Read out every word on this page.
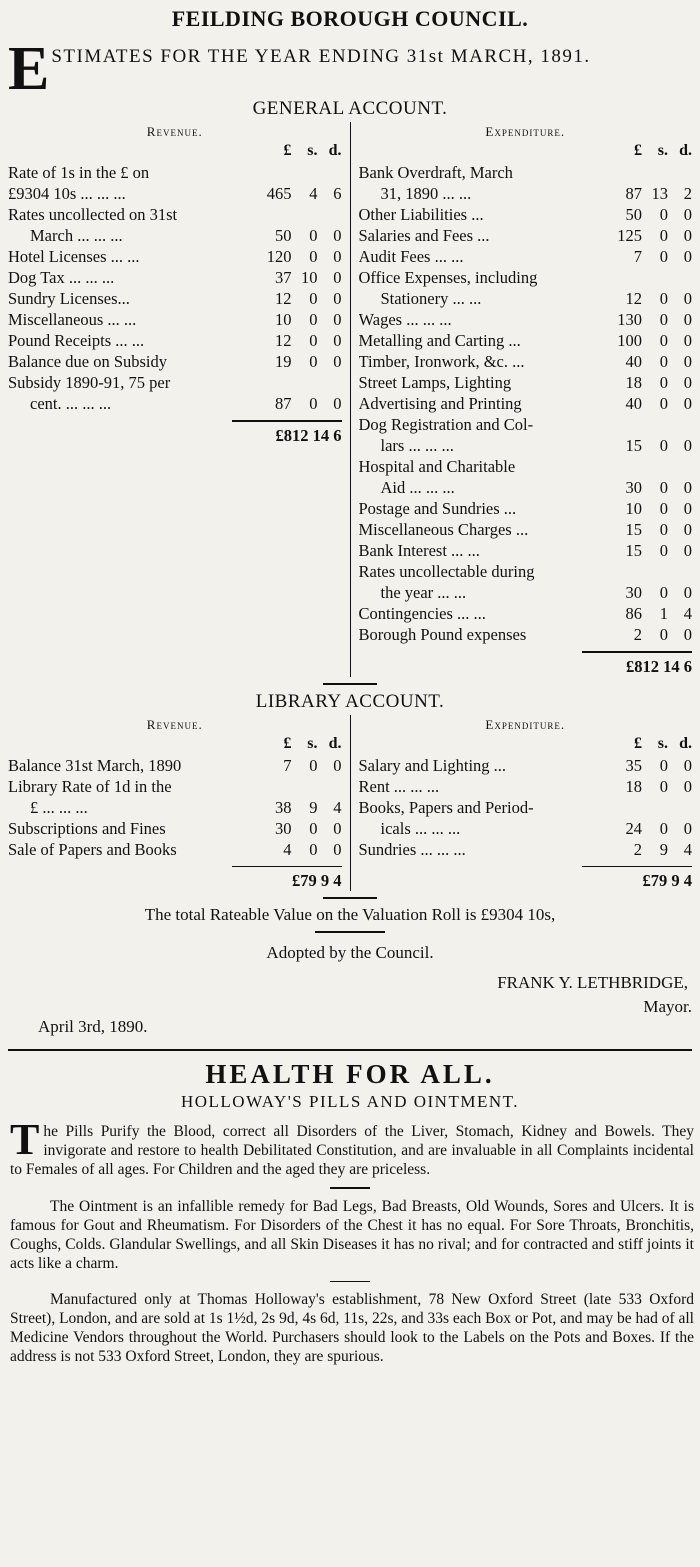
FEILDING BOROUGH COUNCIL.
E STIMATES FOR THE YEAR ENDING 31st MARCH, 1891.
GENERAL ACCOUNT.
Revenue.
£ s. d.
Rate of 1s in the £ on
£9304 10s ... ... ...	465	4 6
Rates uncollected on 31st
March ... ... ...	50	0 0
Hotel Licenses ... ...	120	0 0
Dog Tax ... ... ...	37 10 0
Sundry Licenses...	12	0 0
Miscellaneous ... ...	10	0 0
Pound Receipts ... ...	12	0 0
Balance due on Subsidy	19	0 0
Subsidy 1890-91, 75 per
cent. ... ... ...	87	0 0
£812 14 6
Expenditure.
£ s. d.
Bank Overdraft, March
31, 1890 ... ...	87 13 2
Other Liabilities ...	50	0 0
Salaries and Fees ...	125	0 0
Audit Fees ... ...	7	0 0
Office Expenses, including
Stationery ... ...	12	0 0
Wages ... ... ...	130	0 0
Metalling and Carting ...	100	0 0
Timber, Ironwork, &c. ...	40	0 0
Street Lamps, Lighting	18	0 0
Advertising and Printing	40	0 0
Dog Registration and Col-
lars ... ... ...	15	0 0
Hospital and Charitable
Aid ... ... ...	30	0 0
Postage and Sundries ...	10	0 0
Miscellaneous Charges ...	15	0 0
Bank Interest ... ...	15	0 0
Rates uncollectable during
the year ... ...	30	0 0
Contingencies ... ...	86	1 4
Borough Pound expenses	2	0 0
£812 14 6
LIBRARY ACCOUNT.
Revenue.
£ s. d.
Balance 31st March, 1890	7	0 0
Library Rate of 1d in the
£ ... ... ...	38	9 4
Subscriptions and Fines	30	0 0
Sale of Papers and Books	4	0 0
£79 9 4
Expenditure.
£ s. d.
Salary and Lighting ...	35	0 0
Rent ... ... ...	18	0 0
Books, Papers and Period-
icals ... ... ...	24	0 0
Sundries ... ... ...	2	9 4
£79 9 4
The total Rateable Value on the Valuation Roll is £9304 10s,
Adopted by the Council.
FRANK Y. LETHBRIDGE,
Mayor.
April 3rd, 1890.
HEALTH FOR ALL.
HOLLOWAY'S PILLS AND OINTMENT.

T he Pills Purify the Blood, correct all Disorders of the Liver, Stomach, Kidney and Bowels. They invigorate and restore to health Debilitated Constitution, and are invaluable in all Complaints incidental to Females of all ages. For Children and the aged they are priceless.

The Ointment is an infallible remedy for Bad Legs, Bad Breasts, Old Wounds, Sores and Ulcers. It is famous for Gout and Rheumatism. For Disorders of the Chest it has no equal. For Sore Throats, Bronchitis, Coughs, Colds. Glandular Swellings, and all Skin Diseases it has no rival; and for contracted and stiff joints it acts like a charm.

Manufactured only at Thomas Holloway's establishment, 78 New Oxford Street (late 533 Oxford Street), London, and are sold at 1s 1½d, 2s 9d, 4s 6d, 11s, 22s, and 33s each Box or Pot, and may be had of all Medicine Vendors throughout the World. Purchasers should look to the Labels on the Pots and Boxes. If the address is not 533 Oxford Street, London, they are spurious.
